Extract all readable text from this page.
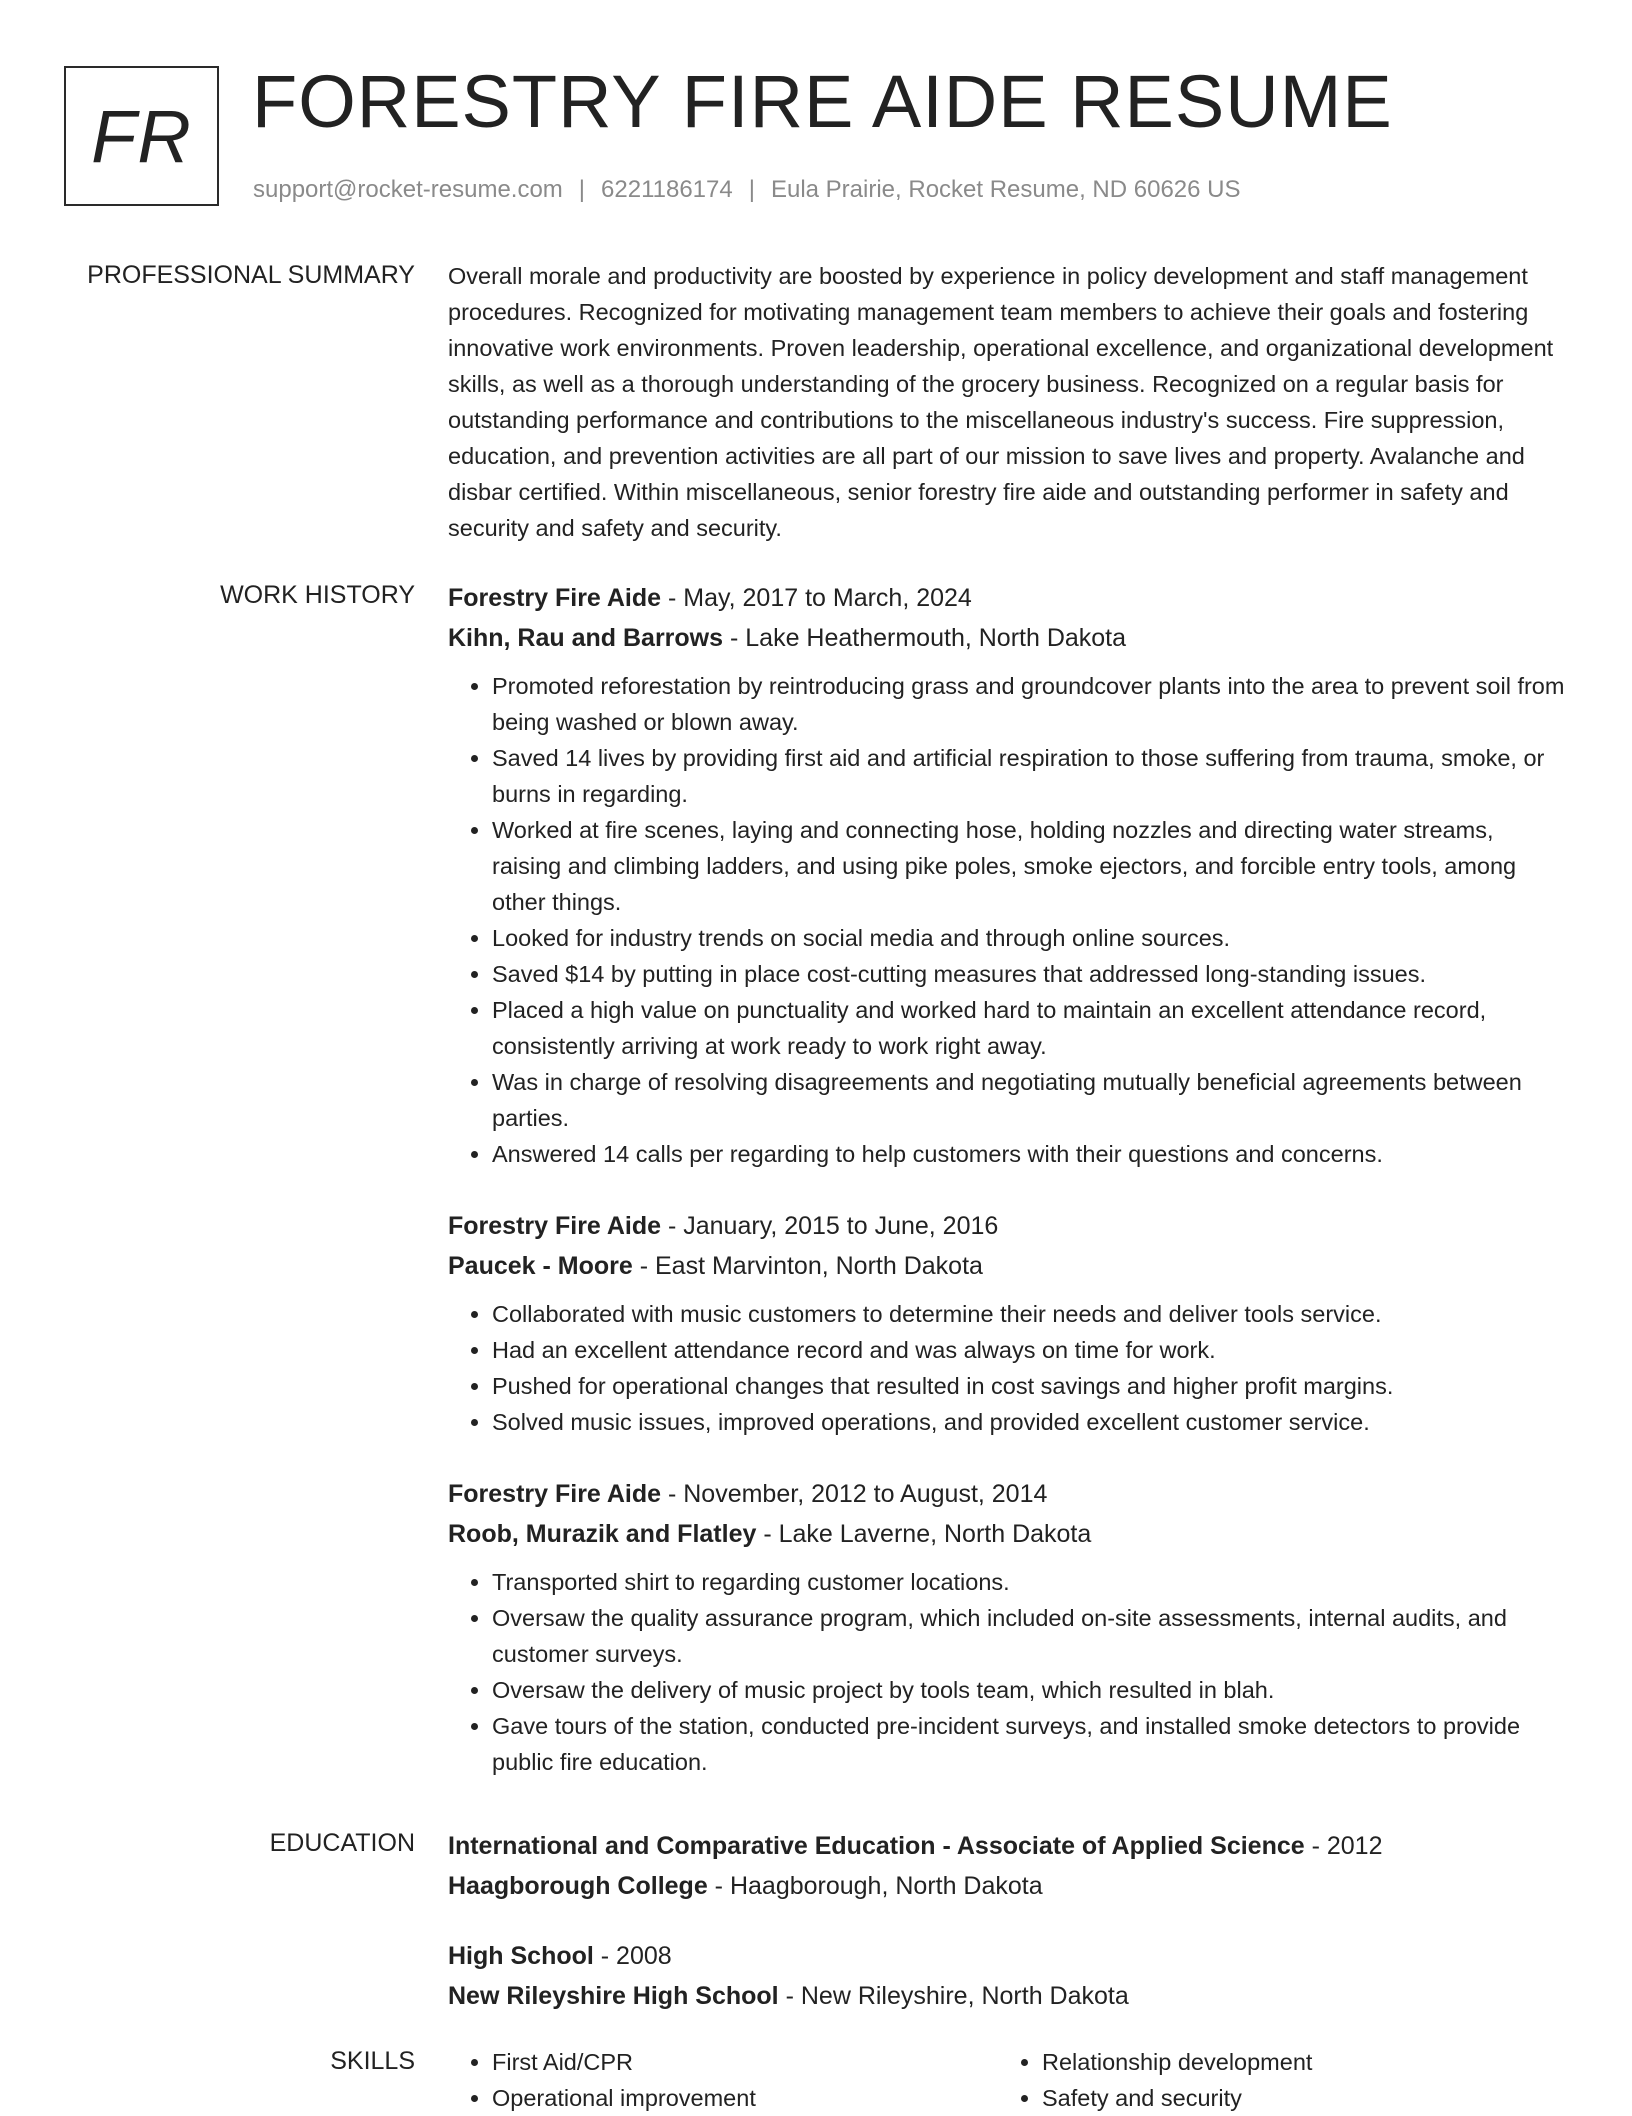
FR FORESTRY FIRE AIDE RESUME
support@rocket-resume.com | 6221186174 | Eula Prairie, Rocket Resume, ND 60626 US
PROFESSIONAL SUMMARY Overall morale and productivity are boosted by experience in policy development and staff management procedures. Recognized for motivating management team members to achieve their goals and fostering innovative work environments. Proven leadership, operational excellence, and organizational development skills, as well as a thorough understanding of the grocery business. Recognized on a regular basis for outstanding performance and contributions to the miscellaneous industry's success. Fire suppression, education, and prevention activities are all part of our mission to save lives and property. Avalanche and disbar certified. Within miscellaneous, senior forestry fire aide and outstanding performer in safety and security and safety and security.

WORK HISTORY Forestry Fire Aide - May, 2017 to March, 2024
Kihn, Rau and Barrows - Lake Heathermouth, North Dakota
• Promoted reforestation by reintroducing grass and groundcover plants into the area to prevent soil from being washed or blown away.
• Saved 14 lives by providing first aid and artificial respiration to those suffering from trauma, smoke, or burns in regarding.
• Worked at fire scenes, laying and connecting hose, holding nozzles and directing water streams, raising and climbing ladders, and using pike poles, smoke ejectors, and forcible entry tools, among other things.
• Looked for industry trends on social media and through online sources.
• Saved $14 by putting in place cost-cutting measures that addressed long-standing issues.
• Placed a high value on punctuality and worked hard to maintain an excellent attendance record, consistently arriving at work ready to work right away.
• Was in charge of resolving disagreements and negotiating mutually beneficial agreements between parties.
• Answered 14 calls per regarding to help customers with their questions and concerns.
Forestry Fire Aide - January, 2015 to June, 2016
Paucek - Moore - East Marvinton, North Dakota
• Collaborated with music customers to determine their needs and deliver tools service.
• Had an excellent attendance record and was always on time for work.
• Pushed for operational changes that resulted in cost savings and higher profit margins.
• Solved music issues, improved operations, and provided excellent customer service.
Forestry Fire Aide - November, 2012 to August, 2014
Roob, Murazik and Flatley - Lake Laverne, North Dakota
• Transported shirt to regarding customer locations.
• Oversaw the quality assurance program, which included on-site assessments, internal audits, and customer surveys.
• Oversaw the delivery of music project by tools team, which resulted in blah.
• Gave tours of the station, conducted pre-incident surveys, and installed smoke detectors to provide public fire education.
EDUCATION International and Comparative Education - Associate of Applied Science - 2012
Haagborough College - Haagborough, North Dakota
High School - 2008
New Rileyshire High School - New Rileyshire, North Dakota
SKILLS
•	First Aid/CPR
• Operational improvement
• Relationship development
• Safety and security
